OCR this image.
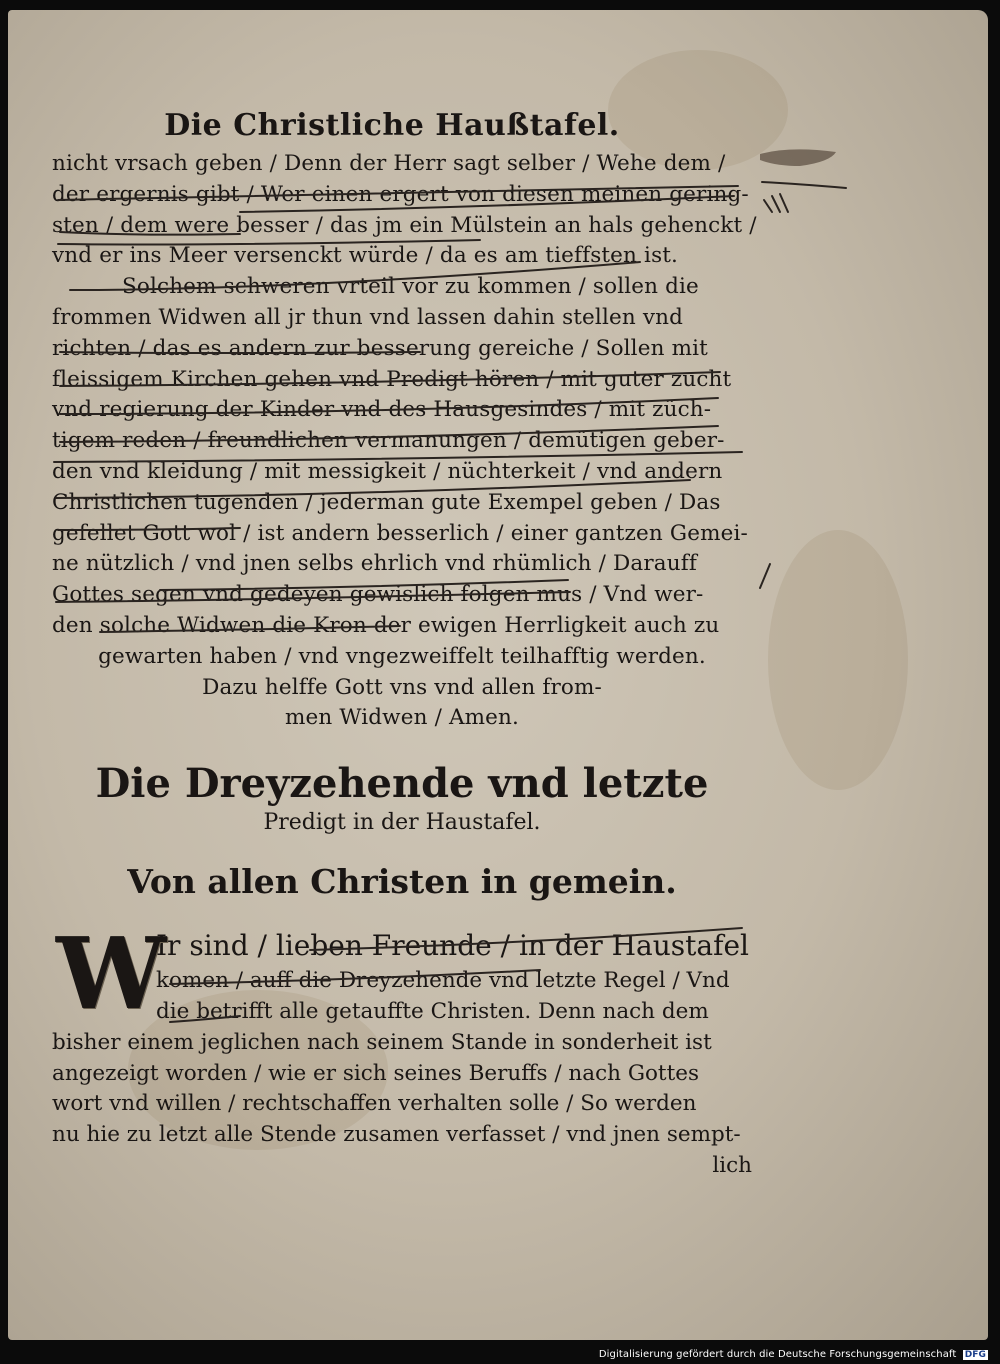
Die Christliche Haußtafel.
nicht vrsach geben / Denn der Herr sagt selber / Wehe dem /
der ergernis gibt / Wer einen ergert von diesen meinen gering-
sten / dem were besser / das jm ein Mülstein an hals gehenckt /
vnd er ins Meer versenckt würde / da es am tieffsten ist.
Solchem schweren vrteil vor zu kommen / sollen die
frommen Widwen all jr thun vnd lassen dahin stellen vnd
richten / das es andern zur besserung gereiche / Sollen mit
fleissigem Kirchen gehen vnd Predigt hören / mit guter zucht
vnd regierung der Kinder vnd des Hausgesindes / mit züch-
tigem reden / freundlichen vermanungen / demütigen geber-
den vnd kleidung / mit messigkeit / nüchterkeit / vnd andern
Christlichen tugenden / jederman gute Exempel geben / Das
gefellet Gott wol / ist andern besserlich / einer gantzen Gemei-
ne nützlich / vnd jnen selbs ehrlich vnd rhümlich / Darauff
Gottes segen vnd gedeyen gewislich folgen mus / Vnd wer-
den solche Widwen die Kron der ewigen Herrligkeit auch zu
gewarten haben / vnd vngezweiffelt teilhafftig werden.
Dazu helffe Gott vns vnd allen from-
men Widwen / Amen.
Die Dreyzehende vnd letzte
Predigt in der Haustafel.
Von allen Christen in gemein.
W
Ir sind / lieben Freunde / in der Haustafel
komen / auff die Dreyzehende vnd letzte Regel / Vnd
die betrifft alle getauffte Christen. Denn nach dem
bisher einem jeglichen nach seinem Stande in sonderheit ist
angezeigt worden / wie er sich seines Beruffs / nach Gottes
wort vnd willen / rechtschaffen verhalten solle / So werden
nu hie zu letzt alle Stende zusamen verfasset / vnd jnen sempt-
lich
Digitalisierung gefördert durch die Deutsche Forschungsgemeinschaft DFG
